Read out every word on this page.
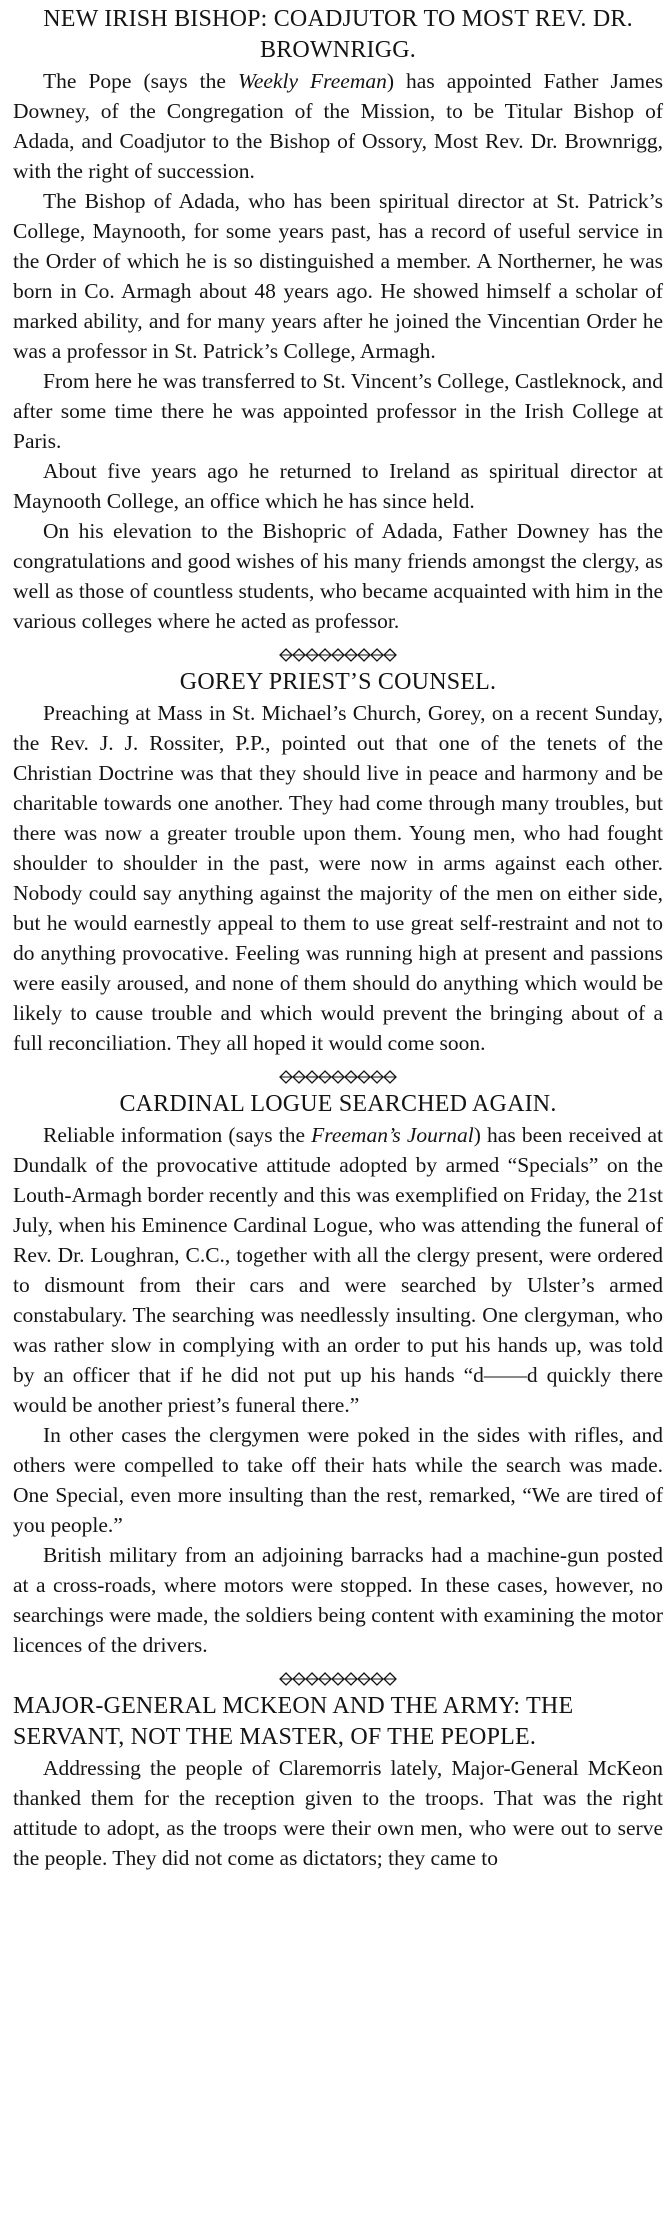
NEW IRISH BISHOP: COADJUTOR TO MOST REV. DR. BROWNRIGG.

The Pope (says the Weekly Freeman) has appointed Father James Downey, of the Congregation of the Mission, to be Titular Bishop of Adada, and Coadjutor to the Bishop of Ossory, Most Rev. Dr. Brownrigg, with the right of succession.

The Bishop of Adada, who has been spiritual director at St. Patrick’s College, Maynooth, for some years past, has a record of useful service in the Order of which he is so distinguished a member. A Northerner, he was born in Co. Armagh about 48 years ago. He showed himself a scholar of marked ability, and for many years after he joined the Vincentian Order he was a professor in St. Patrick’s College, Armagh.

From here he was transferred to St. Vincent’s College, Castleknock, and after some time there he was appointed professor in the Irish College at Paris.

About five years ago he returned to Ireland as spiritual director at Maynooth College, an office which he has since held.

On his elevation to the Bishopric of Adada, Father Downey has the congratulations and good wishes of his many friends amongst the clergy, as well as those of countless students, who became acquainted with him in the various colleges where he acted as professor.

GOREY PRIEST’S COUNSEL.

Preaching at Mass in St. Michael’s Church, Gorey, on a recent Sunday, the Rev. J. J. Rossiter, P.P., pointed out that one of the tenets of the Christian Doctrine was that they should live in peace and harmony and be charitable towards one another. They had come through many troubles, but there was now a greater trouble upon them. Young men, who had fought shoulder to shoulder in the past, were now in arms against each other. Nobody could say anything against the majority of the men on either side, but he would earnestly appeal to them to use great self-restraint and not to do anything provocative. Feeling was running high at present and passions were easily aroused, and none of them should do anything which would be likely to cause trouble and which would prevent the bringing about of a full reconciliation. They all hoped it would come soon.

CARDINAL LOGUE SEARCHED AGAIN.

Reliable information (says the Freeman’s Journal) has been received at Dundalk of the provocative attitude adopted by armed “Specials” on the Louth-Armagh border recently and this was exemplified on Friday, the 21st July, when his Eminence Cardinal Logue, who was attending the funeral of Rev. Dr. Loughran, C.C., together with all the clergy present, were ordered to dismount from their cars and were searched by Ulster’s armed constabulary. The searching was needlessly insulting. One clergyman, who was rather slow in complying with an order to put his hands up, was told by an officer that if he did not put up his hands “d——d quickly there would be another priest’s funeral there.”

In other cases the clergymen were poked in the sides with rifles, and others were compelled to take off their hats while the search was made. One Special, even more insulting than the rest, remarked, “We are tired of you people.”

British military from an adjoining barracks had a machine-gun posted at a cross-roads, where motors were stopped. In these cases, however, no searchings were made, the soldiers being content with examining the motor licences of the drivers.

MAJOR-GENERAL MCKEON AND THE ARMY: THE SERVANT, NOT THE MASTER, OF THE PEOPLE.

Addressing the people of Claremorris lately, Major-General McKeon thanked them for the reception given to the troops. That was the right attitude to adopt, as the troops were their own men, who were out to serve the people. They did not come as dictators; they came to
